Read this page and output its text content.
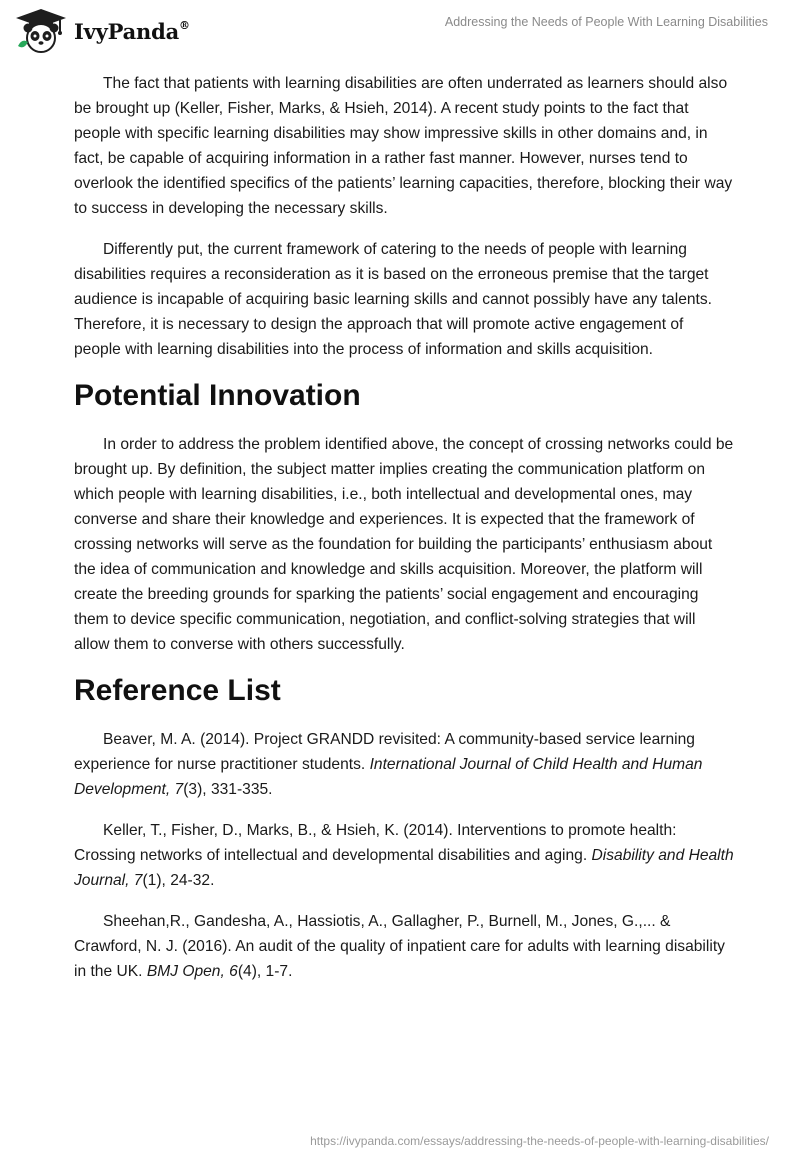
IvyPanda®	Addressing the Needs of People With Learning Disabilities

The fact that patients with learning disabilities are often underrated as learners should also be brought up (Keller, Fisher, Marks, & Hsieh, 2014). A recent study points to the fact that people with specific learning disabilities may show impressive skills in other domains and, in fact, be capable of acquiring information in a rather fast manner. However, nurses tend to overlook the identified specifics of the patients’ learning capacities, therefore, blocking their way to success in developing the necessary skills.

Differently put, the current framework of catering to the needs of people with learning disabilities requires a reconsideration as it is based on the erroneous premise that the target audience is incapable of acquiring basic learning skills and cannot possibly have any talents. Therefore, it is necessary to design the approach that will promote active engagement of people with learning disabilities into the process of information and skills acquisition.

Potential Innovation

In order to address the problem identified above, the concept of crossing networks could be brought up. By definition, the subject matter implies creating the communication platform on which people with learning disabilities, i.e., both intellectual and developmental ones, may converse and share their knowledge and experiences. It is expected that the framework of crossing networks will serve as the foundation for building the participants’ enthusiasm about the idea of communication and knowledge and skills acquisition. Moreover, the platform will create the breeding grounds for sparking the patients’ social engagement and encouraging them to device specific communication, negotiation, and conflict-solving strategies that will allow them to converse with others successfully.

Reference List

Beaver, M. A. (2014). Project GRANDD revisited: A community-based service learning experience for nurse practitioner students. International Journal of Child Health and Human Development, 7(3), 331-335.

Keller, T., Fisher, D., Marks, B., & Hsieh, K. (2014). Interventions to promote health: Crossing networks of intellectual and developmental disabilities and aging. Disability and Health Journal, 7(1), 24-32.

Sheehan,R., Gandesha, A., Hassiotis, A., Gallagher, P., Burnell, M., Jones, G.,... & Crawford, N. J. (2016). An audit of the quality of inpatient care for adults with learning disability in the UK. BMJ Open, 6(4), 1-7.

https://ivypanda.com/essays/addressing-the-needs-of-people-with-learning-disabilities/
